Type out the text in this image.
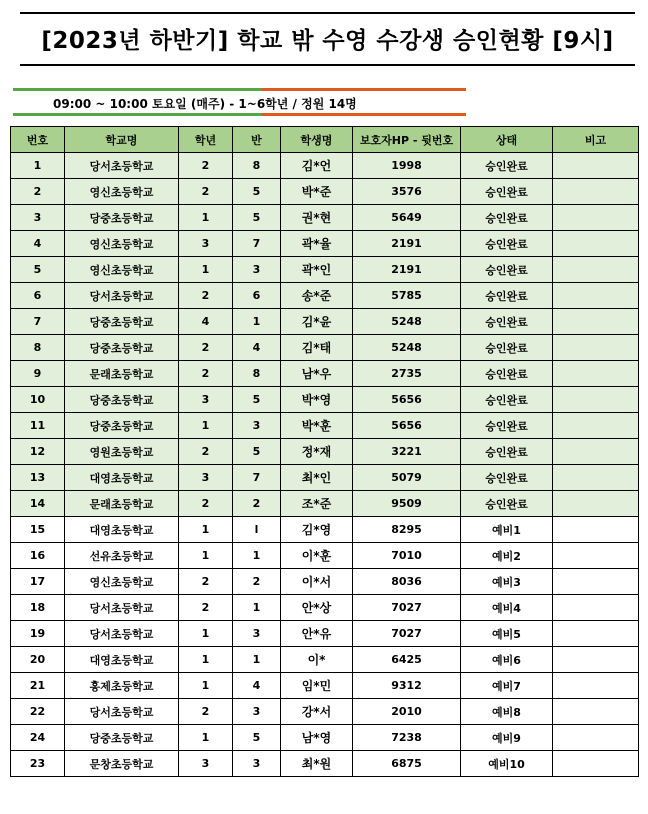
[2023년 하반기] 학교 밖 수영 수강생 승인현황 [9시]
09:00 ~ 10:00 토요일 (매주) - 1~6학년 / 정원 14명
번호	학교명	학년	반	학생명	보호자HP - 뒷번호	상태	비고
1	당서초등학교	2	8	김*언	1998	승인완료	
2	영신초등학교	2	5	박*준	3576	승인완료	
3	당중초등학교	1	5	권*현	5649	승인완료	
4	영신초등학교	3	7	곽*율	2191	승인완료	
5	영신초등학교	1	3	곽*인	2191	승인완료	
6	당서초등학교	2	6	송*준	5785	승인완료	
7	당중초등학교	4	1	김*윤	5248	승인완료	
8	당중초등학교	2	4	김*태	5248	승인완료	
9	문래초등학교	2	8	남*우	2735	승인완료	
10	당중초등학교	3	5	박*영	5656	승인완료	
11	당중초등학교	1	3	박*훈	5656	승인완료	
12	영원초등학교	2	5	정*재	3221	승인완료	
13	대영초등학교	3	7	최*인	5079	승인완료	
14	문래초등학교	2	2	조*준	9509	승인완료	
15	대영초등학교	1	l	김*영	8295	예비1	
16	선유초등학교	1	1	이*훈	7010	예비2	
17	영신초등학교	2	2	이*서	8036	예비3	
18	당서초등학교	2	1	안*상	7027	예비4	
19	당서초등학교	1	3	안*유	7027	예비5	
20	대영초등학교	1	1	이*	6425	예비6	
21	홍제초등학교	1	4	임*민	9312	예비7	
22	당서초등학교	2	3	강*서	2010	예비8	
24	당중초등학교	1	5	남*영	7238	예비9	
23	문창초등학교	3	3	최*원	6875	예비10	
